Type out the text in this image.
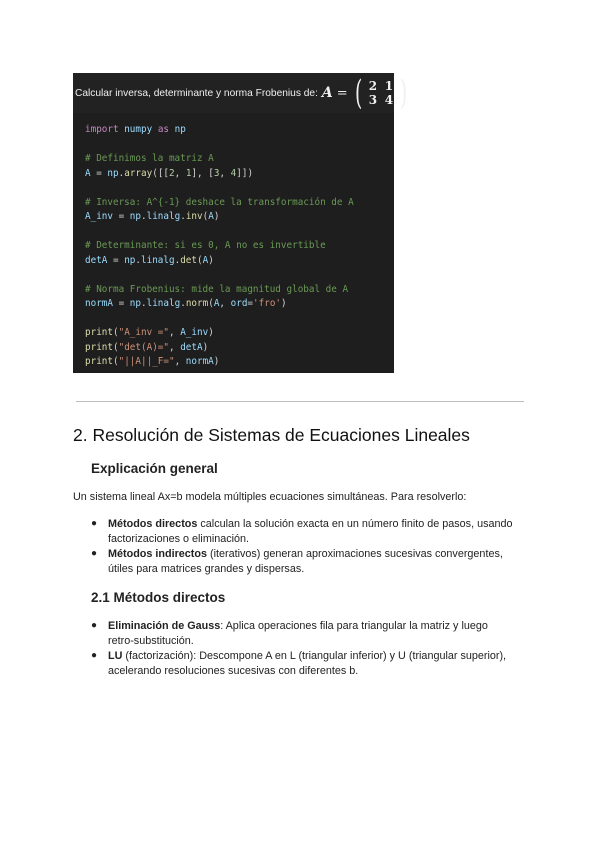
Calcular inversa, determinante y norma Frobenius de: A = ( 2 1
3 4 )
import numpy as np

# Definimos la matriz A
A = np.array([[2, 1], [3, 4]])

# Inversa: A^{-1} deshace la transformación de A
A_inv = np.linalg.inv(A)

# Determinante: si es 0, A no es invertible
detA = np.linalg.det(A)

# Norma Frobenius: mide la magnitud global de A
normA = np.linalg.norm(A, ord='fro')

print("A_inv =", A_inv)
print("det(A)=", detA)
print("||A||_F=", normA)
2. Resolución de Sistemas de Ecuaciones Lineales
Explicación general

Un sistema lineal Ax=b modela múltiples ecuaciones simultáneas. Para resolverlo:

● Métodos directos calculan la solución exacta en un número finito de pasos, usando
factorizaciones o eliminación.
● Métodos indirectos (iterativos) generan aproximaciones sucesivas convergentes,
útiles para matrices grandes y dispersas.
2.1 Métodos directos
● Eliminación de Gauss: Aplica operaciones fila para triangular la matriz y luego
retro-substitución.
● LU (factorización): Descompone A en L (triangular inferior) y U (triangular superior),
acelerando resoluciones sucesivas con diferentes b.
